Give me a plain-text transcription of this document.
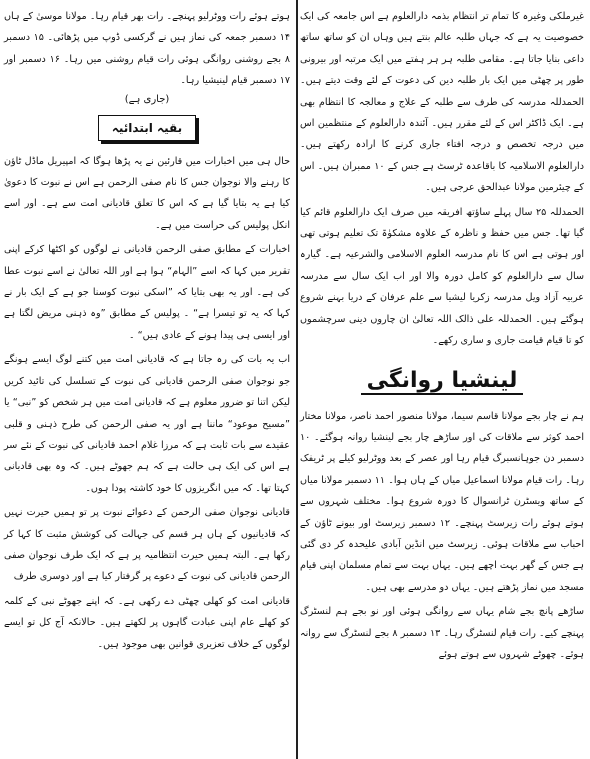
غیرملکی وغیرہ کا تمام تر انتظام بذمہ دارالعلوم ہے اس جامعہ کی ایک خصوصیت یہ ہے کہ جہاں طلبہ عالم بنتے ہیں وہاں ان کو ساتھ ساتھ داعی بنایا جاتا ہے۔ مقامی طلبہ ہر ہر ہفتے میں ایک مرتبہ اور بیرونی طور پر چھٹی میں ایک بار طلبہ دین کی دعوت کے لئے وقت دیتے ہیں۔ الحمدللہ مدرسہ کی طرف سے طلبہ کے علاج و معالجہ کا انتظام بھی ہے۔ ایک ڈاکٹر اس کے لئے مقرر ہیں۔ آئندہ دارالعلوم کے منتظمین اس میں درجہ تخصص و درجہ افتاء جاری کرنے کا ارادہ رکھتے ہیں۔ دارالعلوم الاسلامیہ کا باقاعدہ ٹرسٹ ہے جس کے ۱۰ ممبران ہیں۔ اس کے چیئرمین مولانا عبدالحق عرجی ہیں۔

الحمدللہ ۲۵ سال پہلے ساؤتھ افریقہ میں صرف ایک دارالعلوم قائم کیا گیا تھا۔ جس میں حفظ و ناظرہ کے علاوہ مشکوٰۃ تک تعلیم ہوتی تھی اور ہوتی ہے اس کا نام مدرسہ العلوم الاسلامی والشرعیہ ہے۔ گیارہ سال سے دارالعلوم کو کامل دورہ والا اور اب ایک سال سے مدرسہ عربیہ آزاد ویل مدرسہ زکریا لیشیا سے علم عرفان کے دریا بہنے شروع ہوگئے ہیں۔ الحمدللہ علی ذالک اللہ تعالیٰ ان چاروں دینی سرچشموں کو تا قیام قیامت جاری و ساری رکھے۔

لینشیا روانگی

ہم نے چار بجے مولانا قاسم سیما، مولانا منصور احمد ناصر، مولانا مختار احمد کوثر سے ملاقات کی اور ساڑھے چار بجے لینشیا روانہ ہوگئے۔ ۱۰ دسمبر دن جوہانسبرگ قیام رہا اور عصر کے بعد ووٹرلیو کیلے پر ٹریفک رہا۔ رات قیام مولانا اسماعیل میاں کے ہاں ہوا۔ ۱۱ دسمبر مولانا میاں کے ساتھ ویسٹرن ٹرانسوال کا دورہ شروع ہوا۔ مختلف شہروں سے ہوتے ہوئے رات زیرسٹ پہنچے۔ ۱۲ دسمبر زیرسٹ اور بیونے ٹاؤن کے احباب سے ملاقات ہوئی۔ زیرسٹ میں انڈین آبادی علیحدہ کر دی گئی ہے جس کے گھر بہت اچھے ہیں۔ یہاں بہت سے تمام مسلمان اپنی قیام مسجد میں نماز پڑھتے ہیں۔ یہاں دو مدرسے بھی ہیں۔

ساڑھے پانچ بجے شام یہاں سے روانگی ہوئی اور نو بجے ہم لنسٹرگ پہنچے کیے۔ رات قیام لنسٹرگ رہا۔ ۱۳ دسمبر ۸ بجے لنسٹرگ سے روانہ ہوئے۔ چھوٹے شہروں سے ہوتے ہوئے

ہوتے ہوئے رات ووٹرلیو پہنچے۔ رات بھر قیام رہا۔ مولانا موسیٰ کے ہاں ۱۴ دسمبر جمعہ کی نماز ہیں نے گرکسی ڈوپ میں پڑھائی۔ ۱۵ دسمبر ۸ بجے روشنی روانگی ہوئی رات قیام روشنی میں رہا۔ ۱۶ دسمبر اور ۱۷ دسمبر قیام لینیشیا رہا۔

(جاری ہے)
بقیہ ابتدائیہ

حال ہی میں اخبارات میں قارئین نے یہ پڑھا ہوگا کہ امپیریل ماڈل ٹاؤن کا رہنے والا نوجوان جس کا نام صفی الرحمن ہے اس نے نبوت کا دعویٰ کیا ہے یہ بتایا گیا ہے کہ اس کا تعلق قادیانی امت سے ہے۔ اور اسے انکل پولیس کی حراست میں ہے۔

اخبارات کے مطابق صفی الرحمن قادیانی نے لوگوں کو اکٹھا کرکے اپنی تقریر میں کہا کہ اسے ”الہام“ ہوا ہے اور اللہ تعالیٰ نے اسے نبوت عطا کی ہے۔ اور یہ بھی بتایا کہ ”اسکی نبوت کوسنا جو ہے کے ایک بار نے کہا کہ یہ تو تیسرا ہے“ ۔ پولیس کے مطابق ”وہ ذہنی مریض لگتا ہے اور ایسی ہی پیدا ہونے کے عادی ہیں“ ۔

اب یہ بات کی رہ جاتا ہے کہ قادیانی امت میں کتنے لوگ ایسے ہونگے جو نوجوان صفی الرحمن قادیانی کی نبوت کے تسلسل کی تائید کریں لیکن اتنا تو ضرور معلوم ہے کہ قادیانی امت میں ہر شخص کو ”نبی“ یا ”مسیح موعود“ ماننا ہے اور یہ صفی الرحمن کی طرح ذہنی و قلبی عقیدے سے بات ثابت ہے کہ مرزا غلام احمد قادیانی کی نبوت کے نئے سر ہے اس کی ایک ہی حالت ہے کہ ہم جھوٹے ہیں۔ کہ وہ بھی قادیانی کہتا تھا۔ کہ میں انگریزوں کا خود کاشتہ پودا ہوں۔

قادیانی نوجوان صفی الرحمن کے دعوائے نبوت پر تو ہمیں حیرت نہیں کہ قادیانیوں کے ہاں ہر قسم کی جہالت کی کوشش مثبت کا کہا کر رکھا ہے۔ البتہ ہمیں حیرت انتظامیہ پر ہے کہ ایک طرف نوجوان صفی الرحمن قادیانی کی نبوت کے دعوے پر گرفتار کیا ہے اور دوسری طرف

قادیانی امت کو کھلی چھٹی دے رکھی ہے۔ کہ اپنے جھوٹے نبی کے کلمہ کو کھلے عام اپنی عبادت گاہوں پر لکھتے ہیں۔ حالانکہ آج کل تو ایسے لوگوں کے خلاف تعزیری قوانین بھی موجود ہیں۔
